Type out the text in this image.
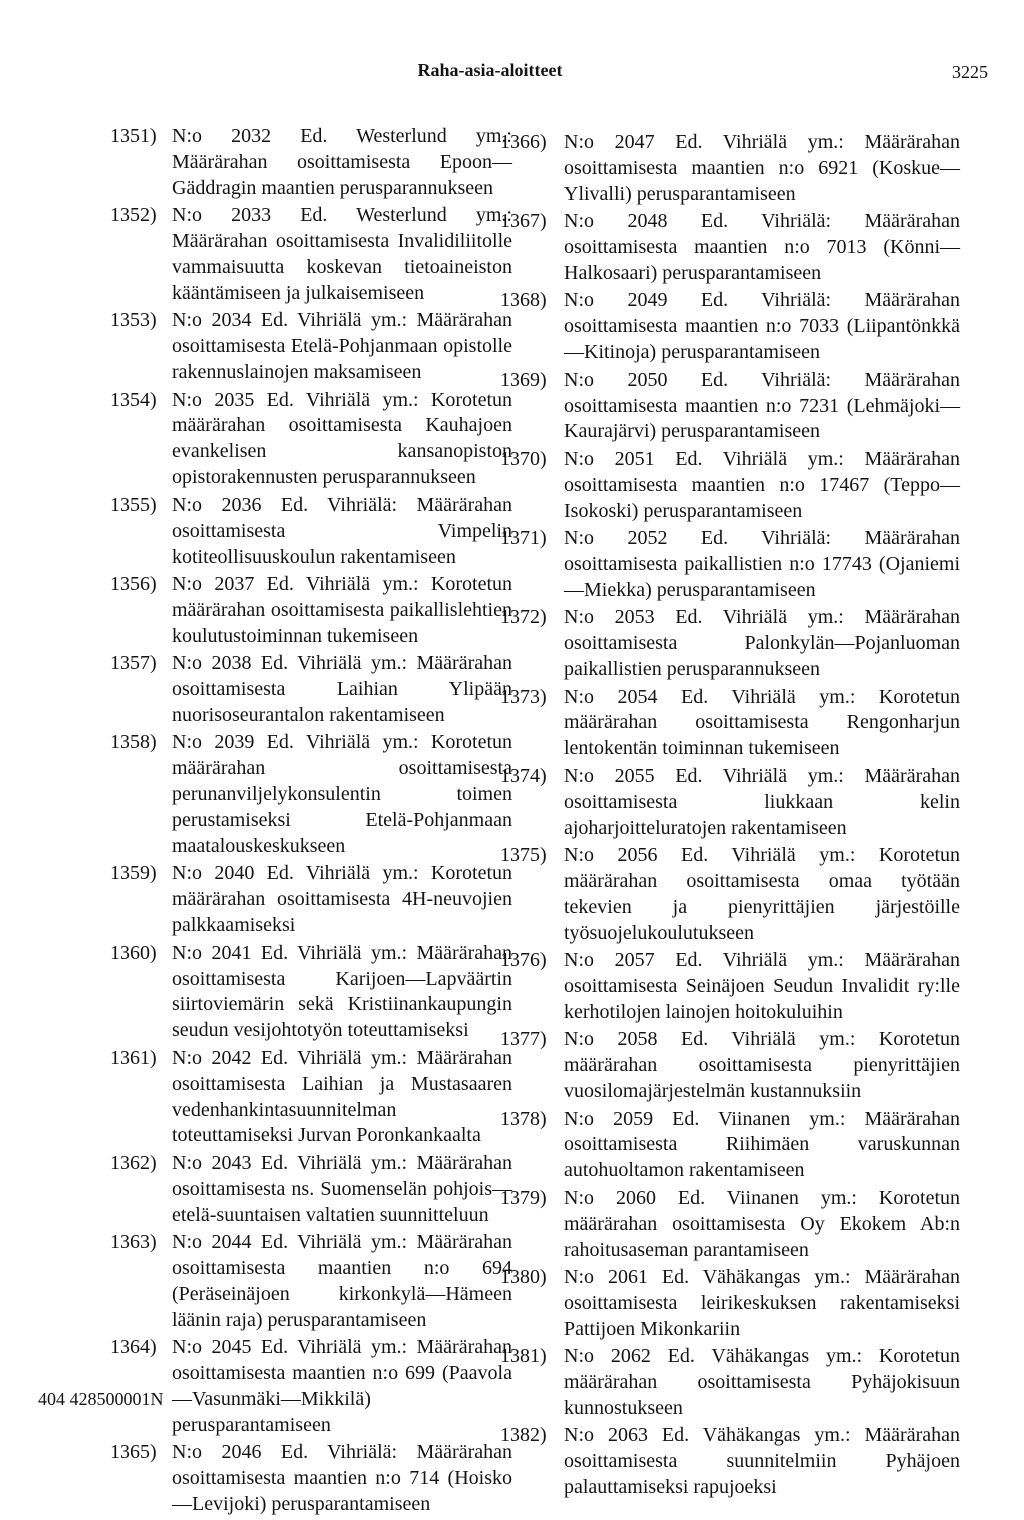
Raha-asia-aloitteet	3225
1351) N:o 2032 Ed. Westerlund ym.: Määrärahan osoittamisesta Epoon—Gäddragin maantien perusparannukseen
1352) N:o 2033 Ed. Westerlund ym.: Määrärahan osoittamisesta Invalidiliitolle vammaisuutta koskevan tietoaineiston kääntämiseen ja julkaisemiseen
1353) N:o 2034 Ed. Vihriälä ym.: Määrärahan osoittamisesta Etelä-Pohjanmaan opistolle rakennuslainojen maksamiseen
1354) N:o 2035 Ed. Vihriälä ym.: Korotetun määrärahan osoittamisesta Kauhajoen evankelisen kansanopiston opistorakennusten perusparannukseen
1355) N:o 2036 Ed. Vihriälä: Määrärahan osoittamisesta Vimpelin kotiteollisuuskoulun rakentamiseen
1356) N:o 2037 Ed. Vihriälä ym.: Korotetun määrärahan osoittamisesta paikallislehtien koulutustoiminnan tukemiseen
1357) N:o 2038 Ed. Vihriälä ym.: Määrärahan osoittamisesta Laihian Ylipään nuorisoseurantalon rakentamiseen
1358) N:o 2039 Ed. Vihriälä ym.: Korotetun määrärahan osoittamisesta perunanviljelykonsulentin toimen perustamiseksi Etelä-Pohjanmaan maatalouskeskukseen
1359) N:o 2040 Ed. Vihriälä ym.: Korotetun määrärahan osoittamisesta 4H-neuvojien palkkaamiseksi
1360) N:o 2041 Ed. Vihriälä ym.: Määrärahan osoittamisesta Karijoen—Lapväärtin siirtoviemärin sekä Kristiinankaupungin seudun vesijohtotyön toteuttamiseksi
1361) N:o 2042 Ed. Vihriälä ym.: Määrärahan osoittamisesta Laihian ja Mustasaaren vedenhankintasuunnitelman toteuttamiseksi Jurvan Poronkankaalta
1362) N:o 2043 Ed. Vihriälä ym.: Määrärahan osoittamisesta ns. Suomenselän pohjois—etelä-suuntaisen valtatien suunnitteluun
1363) N:o 2044 Ed. Vihriälä ym.: Määrärahan osoittamisesta maantien n:o 694 (Peräseinäjoen kirkonkylä—Hämeen läänin raja) perusparantamiseen
1364) N:o 2045 Ed. Vihriälä ym.: Määrärahan osoittamisesta maantien n:o 699 (Paavola—Vasunmäki—Mikkilä) perusparantamiseen
1365) N:o 2046 Ed. Vihriälä: Määrärahan osoittamisesta maantien n:o 714 (Hoisko—Levijoki) perusparantamiseen
1366) N:o 2047 Ed. Vihriälä ym.: Määrärahan osoittamisesta maantien n:o 6921 (Koskue—Ylivalli) perusparantamiseen
1367) N:o 2048 Ed. Vihriälä: Määrärahan osoittamisesta maantien n:o 7013 (Könni—Halkosaari) perusparantamiseen
1368) N:o 2049 Ed. Vihriälä: Määrärahan osoittamisesta maantien n:o 7033 (Liipantönkkä—Kitinoja) perusparantamiseen
1369) N:o 2050 Ed. Vihriälä: Määrärahan osoittamisesta maantien n:o 7231 (Lehmäjoki—Kaurajärvi) perusparantamiseen
1370) N:o 2051 Ed. Vihriälä ym.: Määrärahan osoittamisesta maantien n:o 17467 (Teppo—Isokoski) perusparantamiseen
1371) N:o 2052 Ed. Vihriälä: Määrärahan osoittamisesta paikallistien n:o 17743 (Ojaniemi—Miekka) perusparantamiseen
1372) N:o 2053 Ed. Vihriälä ym.: Määrärahan osoittamisesta Palonkylän—Pojanluoman paikallistien perusparannukseen
1373) N:o 2054 Ed. Vihriälä ym.: Korotetun määrärahan osoittamisesta Rengonharjun lentokentän toiminnan tukemiseen
1374) N:o 2055 Ed. Vihriälä ym.: Määrärahan osoittamisesta liukkaan kelin ajoharjoitteluratojen rakentamiseen
1375) N:o 2056 Ed. Vihriälä ym.: Korotetun määrärahan osoittamisesta omaa työtään tekevien ja pienyrittäjien järjestöille työsuojelukoulutukseen
1376) N:o 2057 Ed. Vihriälä ym.: Määrärahan osoittamisesta Seinäjoen Seudun Invalidit ry:lle kerhotilojen lainojen hoitokuluihin
1377) N:o 2058 Ed. Vihriälä ym.: Korotetun määrärahan osoittamisesta pienyrittäjien vuosilomajärjestelmän kustannuksiin
1378) N:o 2059 Ed. Viinanen ym.: Määrärahan osoittamisesta Riihimäen varuskunnan autohuoltamon rakentamiseen
1379) N:o 2060 Ed. Viinanen ym.: Korotetun määrärahan osoittamisesta Oy Ekokem Ab:n rahoitusaseman parantamiseen
1380) N:o 2061 Ed. Vähäkangas ym.: Määrärahan osoittamisesta leirikeskuksen rakentamiseksi Pattijoen Mikonkariin
1381) N:o 2062 Ed. Vähäkangas ym.: Korotetun määrärahan osoittamisesta Pyhäjokisuun kunnostukseen
1382) N:o 2063 Ed. Vähäkangas ym.: Määrärahan osoittamisesta suunnitelmiin Pyhäjoen palauttamiseksi rapujoeksi
404 428500001N
